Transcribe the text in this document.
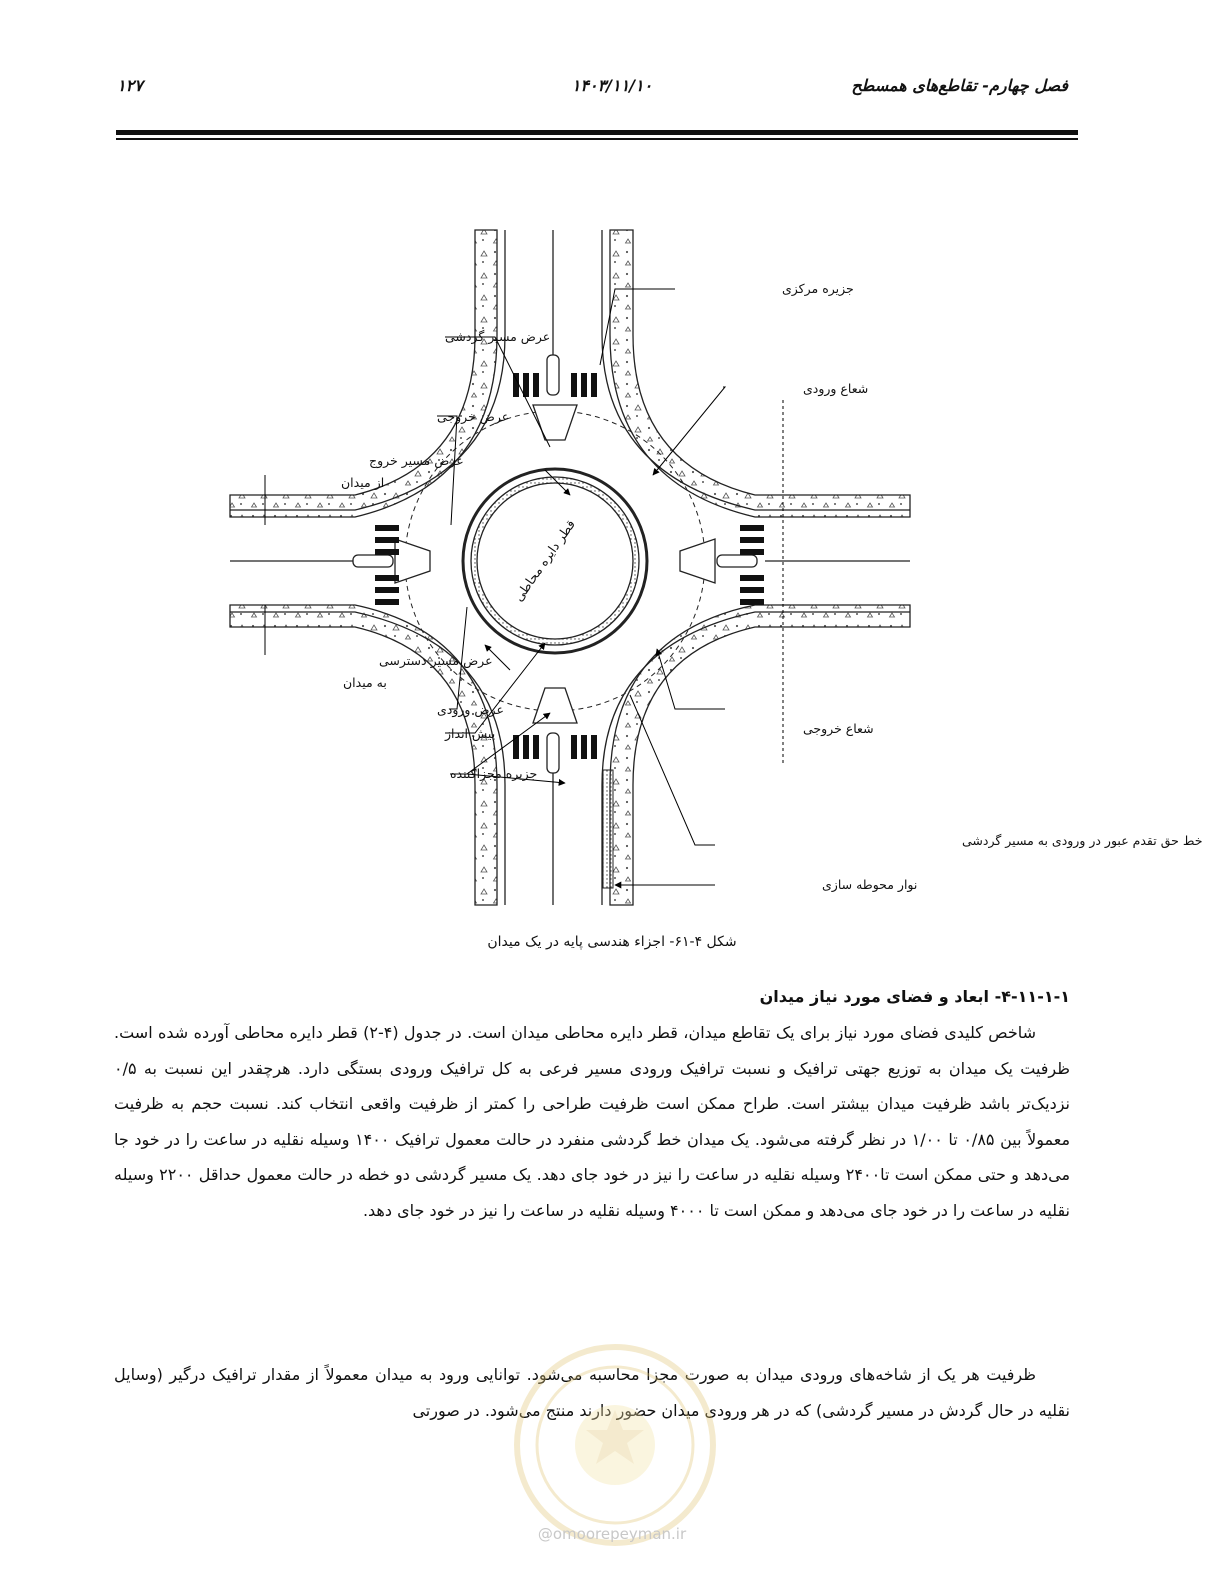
فصل چهارم- تقاطع‌های همسطح
۱۴۰۳/۱۱/۱۰
۱۲۷
جزیره مرکزی
عرض مسیر گردشی
شعاع ورودی
عرض خروجی
عرض مسیر خروج
از میدان
عرض مسیر دسترسی
به میدان
عرض ورودی
شعاع خروجی
پیش انداز
جزیره مجزاکننده
خط حق تقدم عبور در ورودی به مسیر گردشی
نوار محوطه سازی
قطر دایره محاطی
شکل ۴-۶۱- اجزاء هندسی پایه در یک میدان
۴-۱۱-۱-۱- ابعاد و فضای مورد نیاز میدان
شاخص کلیدی فضای مورد نیاز برای یک تقاطع میدان، قطر دایره محاطی میدان است. در جدول (۴-۲) قطر دایره محاطی آورده شده است. ظرفیت یک میدان به توزیع جهتی ترافیک و نسبت ترافیک ورودی مسیر فرعی به کل ترافیک ورودی بستگی دارد. هرچقدر این نسبت به ۰/۵ نزدیک‌تر باشد ظرفیت میدان بیشتر است. طراح ممکن است ظرفیت طراحی را کمتر از ظرفیت واقعی انتخاب کند. نسبت حجم به ظرفیت معمولاً بین ۰/۸۵ تا ۱/۰۰ در نظر گرفته می‌شود. یک میدان خط گردشی منفرد در حالت معمول ترافیک ۱۴۰۰ وسیله نقلیه در ساعت را در خود جا می‌دهد و حتی ممکن است تا۲۴۰۰ وسیله نقلیه در ساعت را نیز در خود جای دهد. یک مسیر گردشی دو خطه در حالت معمول حداقل ۲۲۰۰ وسیله نقلیه در ساعت را در خود جای می‌دهد و ممکن است تا ۴۰۰۰ وسیله نقلیه در ساعت را نیز در خود جای دهد.
ظرفیت هر یک از شاخه‌های ورودی میدان به صورت مجزا محاسبه می‌شود. توانایی ورود به میدان معمولاً از مقدار ترافیک درگیر (وسایل نقلیه در حال گردش در مسیر گردشی) که در هر ورودی میدان حضور دارند منتج می‌شود. در صورتی
@omoorepeyman.ir
